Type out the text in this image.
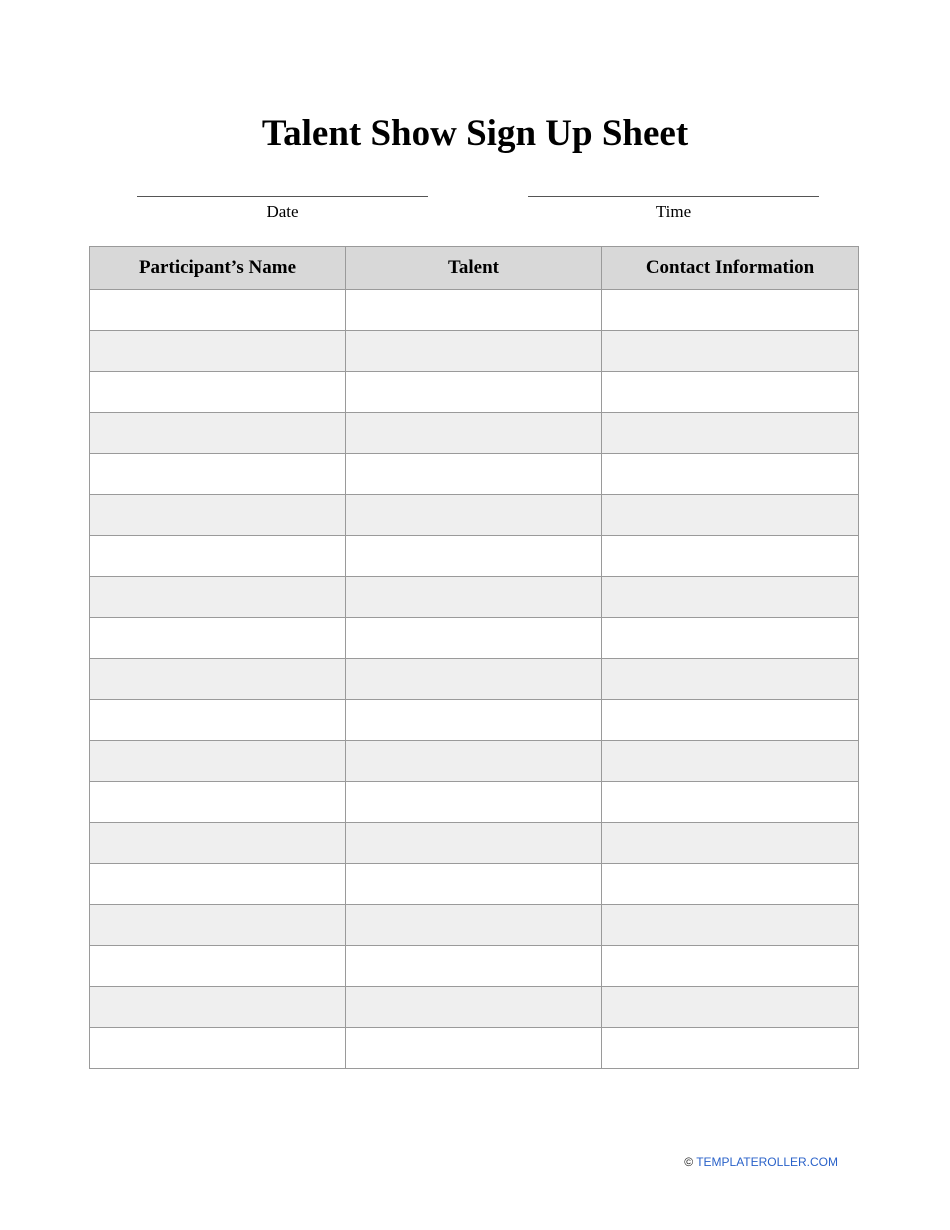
Talent Show Sign Up Sheet
Date	Time
Participant’s Name	Talent	Contact Information

© TEMPLATEROLLER.COM
